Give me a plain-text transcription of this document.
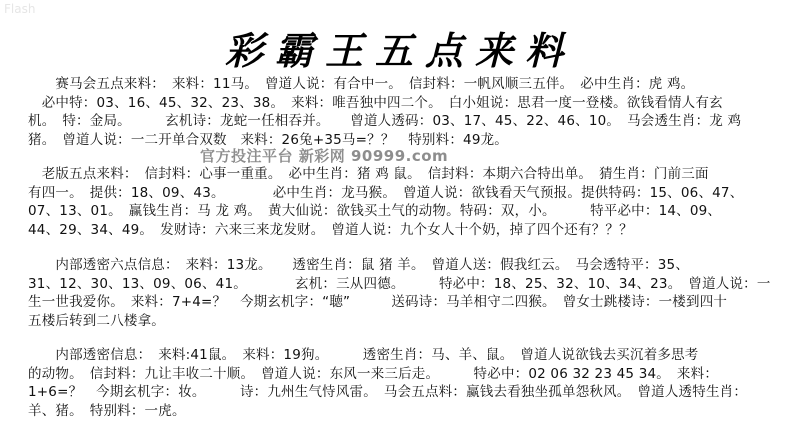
Flash
彩霸王五点来料
　　赛马会五点来料：　来料：11马。　曾道人说：有合中一。　信封料：一帆风顺三五伴。　必中生肖：虎 鸡。
　必中特：03、16、45、32、23、38。　来料：唯吾独中四二个。　白小姐说：思君一度一登楼。欲钱看情人有玄
机。　特：金局。　　　玄机诗：龙蛇一任相吞并。　　曾道人透码：03、17、45、22、46、10。　马会透生肖：龙 鸡
猪。　曾道人说：一二开单合双数　来料：26兔+35马=？？　特别料：49龙。
官方投注平台 新彩网 90999.com
　老版五点来料：　信封料：心事一重重。　必中生肖：猪 鸡 鼠。　信封料：本期六合特出单。　猜生肖：门前三面
有四一。　提供：18、09、43。　　　　必中生肖：龙马猴。　曾道人说：欲钱看天气预报。提供特码：15、06、47、
07、13、01。　赢钱生肖：马 龙 鸡。　黄大仙说：欲钱买土气的动物。特码：双，小。　　　特平必中：14、09、
44、29、34、49。　发财诗：六来三来龙发财。　曾道人说：九个女人十个奶，掉了四个还有？？？
　　内部透密六点信息：　来料：13龙。　　透密生肖：鼠 猪 羊。　曾道人送：假我红云。　马会透特平：35、
31、12、30、13、09、06、41。　　　　玄机：三从四德。　　　特必中：18、25、32、10、34、23。　曾道人说：一
生一世我爱你。　来料：7+4=？　今期玄机字：“聴”　　　送码诗：马羊相守二四猴。　曾女士跳楼诗：一楼到四十
五楼后转到二八楼拿。
　　内部透密信息：　来料:41鼠。　来料：19狗。　　　透密生肖：马、羊、鼠。　曾道人说欲钱去买沉着多思考
的动物。　信封料：九让丰收二十顺。　曾道人说：东风一来三后走。　　　特必中：02 06 32 23 45 34。　来料：
1+6=？　今期玄机字：妆。　　　诗：九州生气恃风雷。　马会五点料：赢钱去看独坐孤单怨秋风。　曾道人透特生肖：
羊、猪。　特别料：一虎。
